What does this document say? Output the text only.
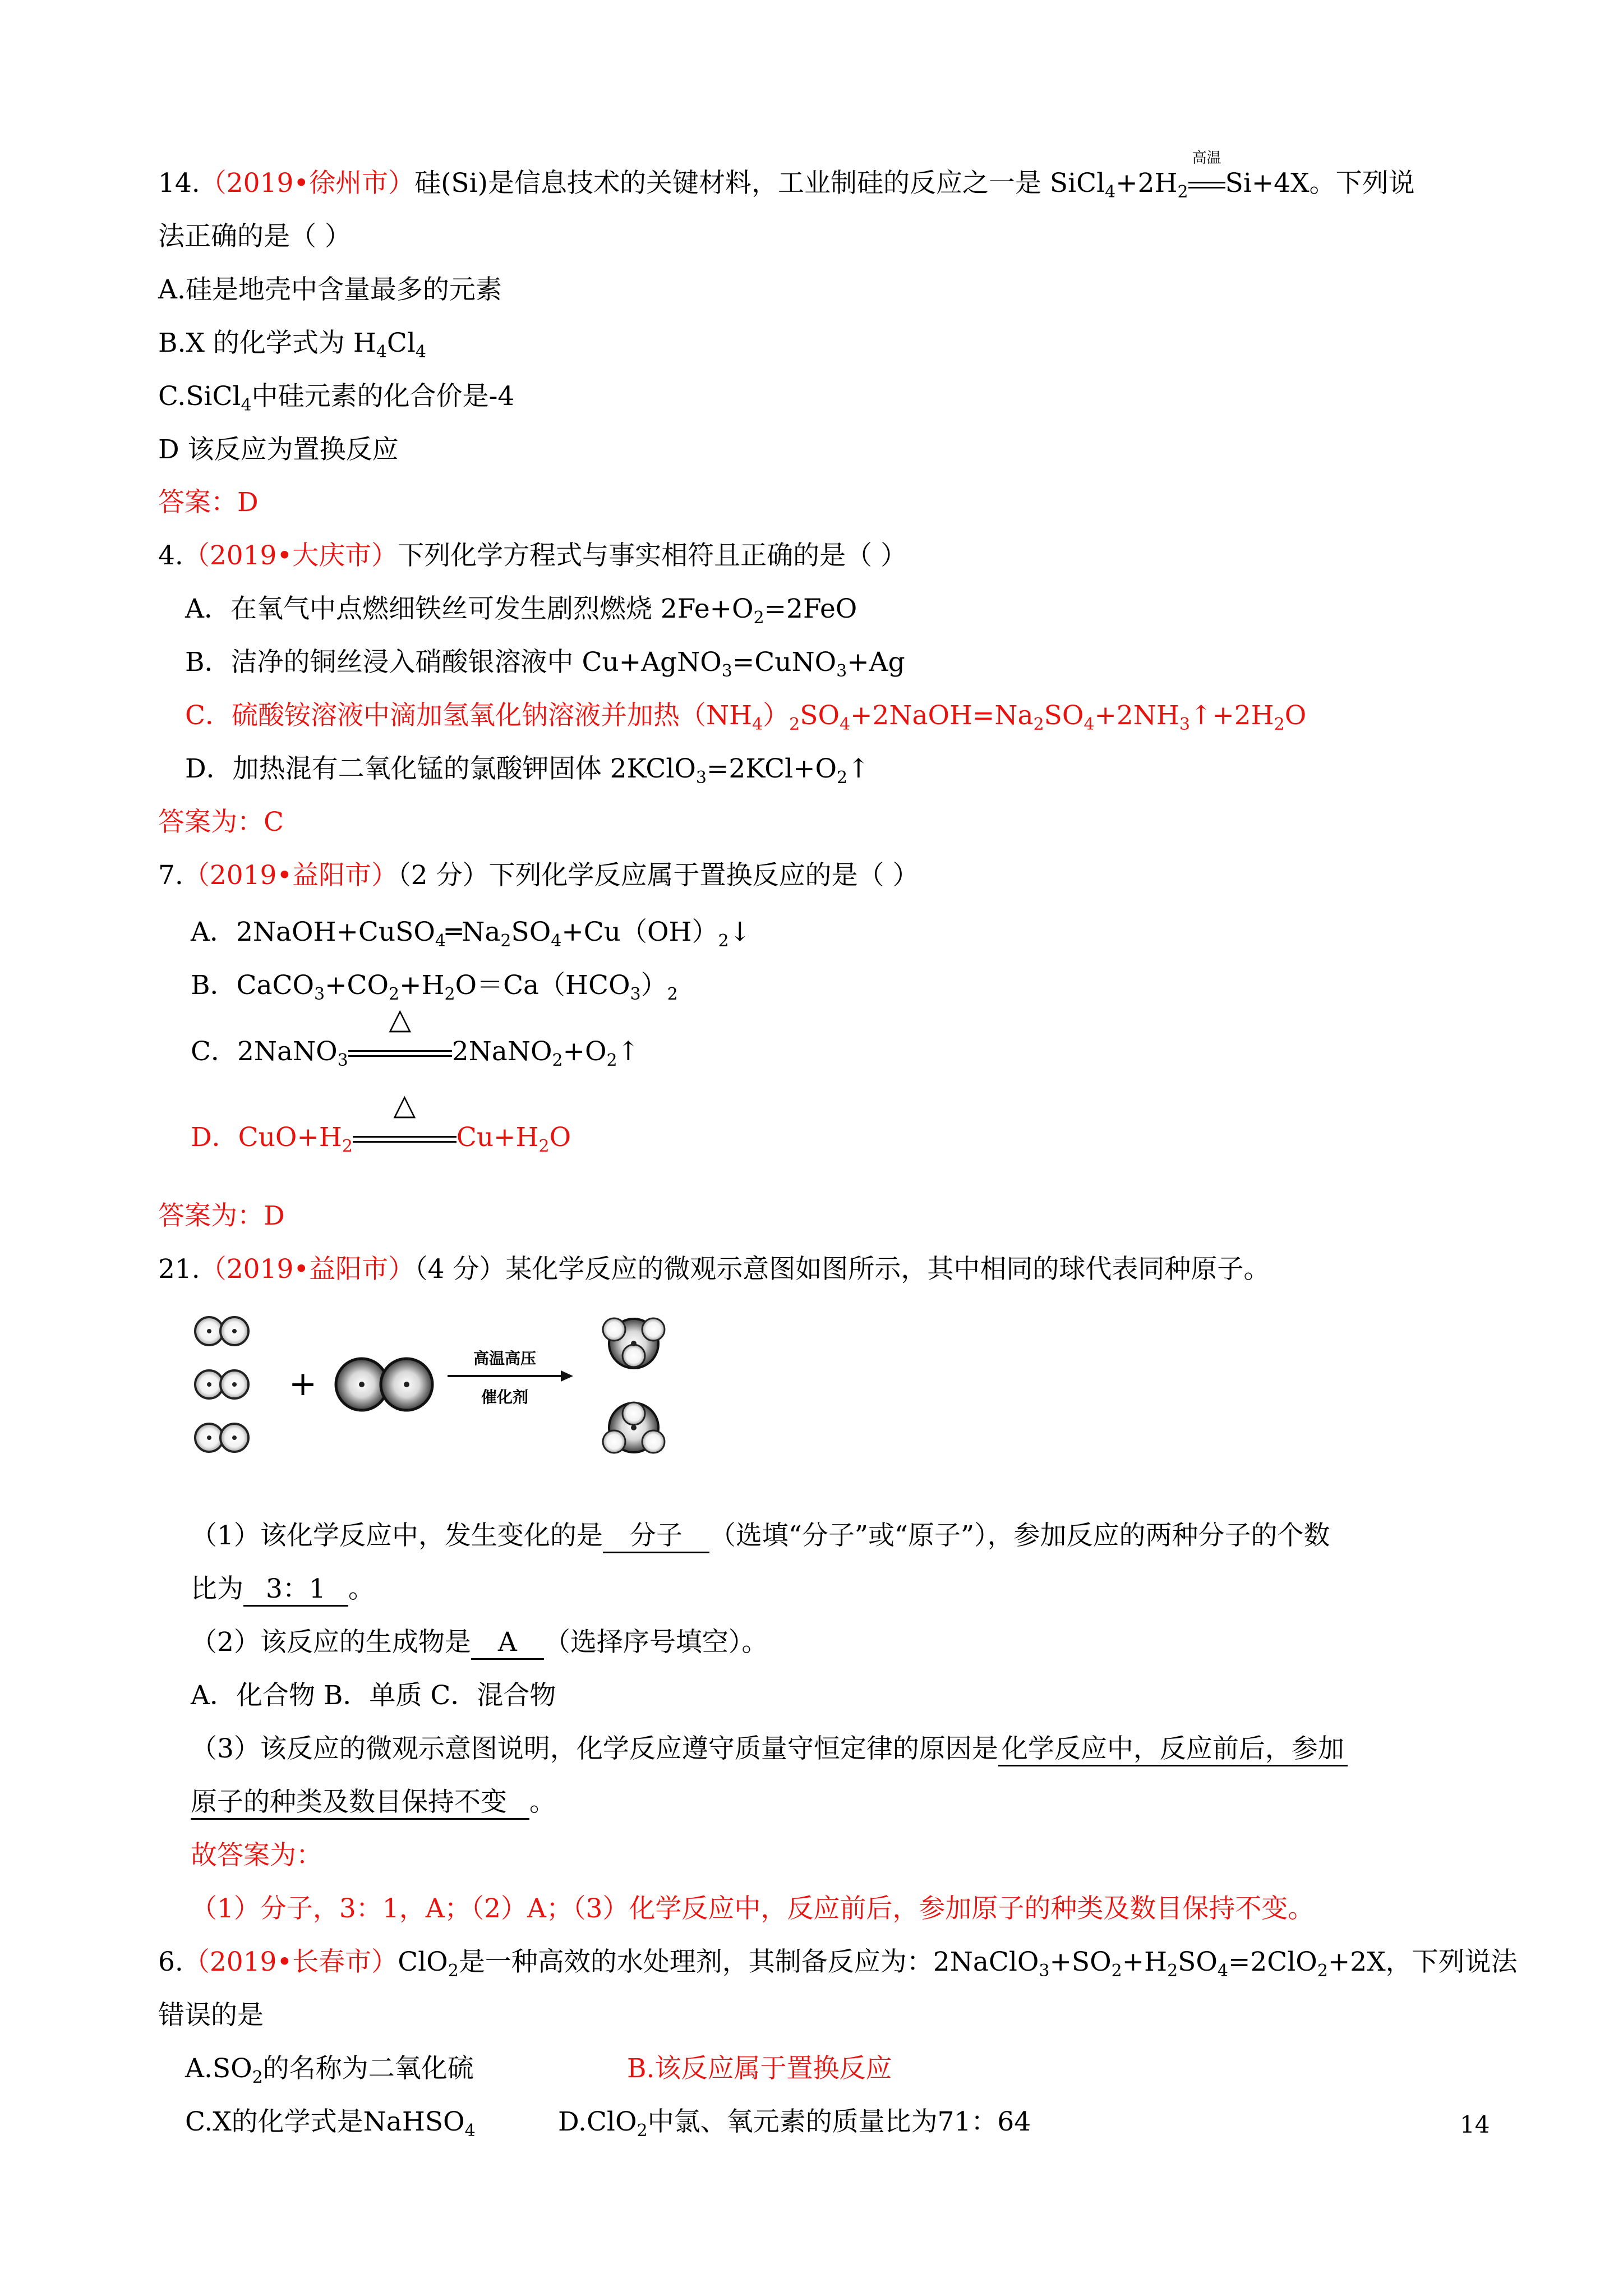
14.（2019•徐州市）硅(Si)是信息技术的关键材料，工业制硅的反应之一是 $SiCl_4+2H_2$
高温
Si+4X。下列说
法正确的是（ ）
A.硅是地壳中含量最多的元素
B.X 的化学式为 $H_4Cl_4$
C.SiCl$_4$中硅元素的化合价是-4
D 该反应为置换反应
答案：D
4.（2019•大庆市）下列化学方程式与事实相符且正确的是（ ）
A．在氧气中点燃细铁丝可发生剧烈燃烧 $2Fe+O_2=2FeO$
B．洁净的铜丝浸入硝酸银溶液中 Cu+AgNO$_3$=CuNO$_3$+Ag
C．硫酸铵溶液中滴加氢氧化钠溶液并加热$(NH_4)_2SO_4+2NaOH=Na_2SO_4+2NH_3↑+2H_2O$
D．加热混有二氧化锰的氯酸钾固体 $2KClO_3=2KCl+O_2↑$
答案为：C
7.（2019•益阳市）（2 分）下列化学反应属于置换反应的是（ ）
A．$2NaOH+CuSO_4═Na_2SO_4+Cu(OH)_2↓$
B．$CaCO_3+CO_2+H_2O=Ca(HCO_3)_2$
C．2NaNO$_3$
△
$2NaNO_2+O_2↑$
D．$CuO+H_2$
△
$Cu+H_2O$
答案为：D
21.（2019•益阳市）（4 分）某化学反应的微观示意图如图所示，其中相同的球代表同种原子。
+
高温高压
催化剂
（1）该化学反应中，发生变化的是 分子 （选填“分子”或“原子”），参加反应的两种分子的个数
比为 3：1 。
（2）该反应的生成物是 A （选择序号填空）。
A．化合物 B．单质 C．混合物
（3）该反应的微观示意图说明，化学反应遵守质量守恒定律的原因是 化学反应中，反应前后，参加
原子的种类及数目保持不变 。
故答案为：
（1）分子，3：1，A；（2）A；（3）化学反应中，反应前后，参加原子的种类及数目保持不变。
6.（2019•长春市）ClO$_2$是一种高效的水处理剂，其制备反应为：$2NaClO_3+SO_2+H_2SO_4=2ClO_2+2X$，下列说法
错误的是
$A.SO_2$的名称为二氧化硫	B.该反应属于置换反应
C.X的化学式是NaHSO$_4$	D.ClO$_2$中氯、氧元素的质量比为71：64	14
